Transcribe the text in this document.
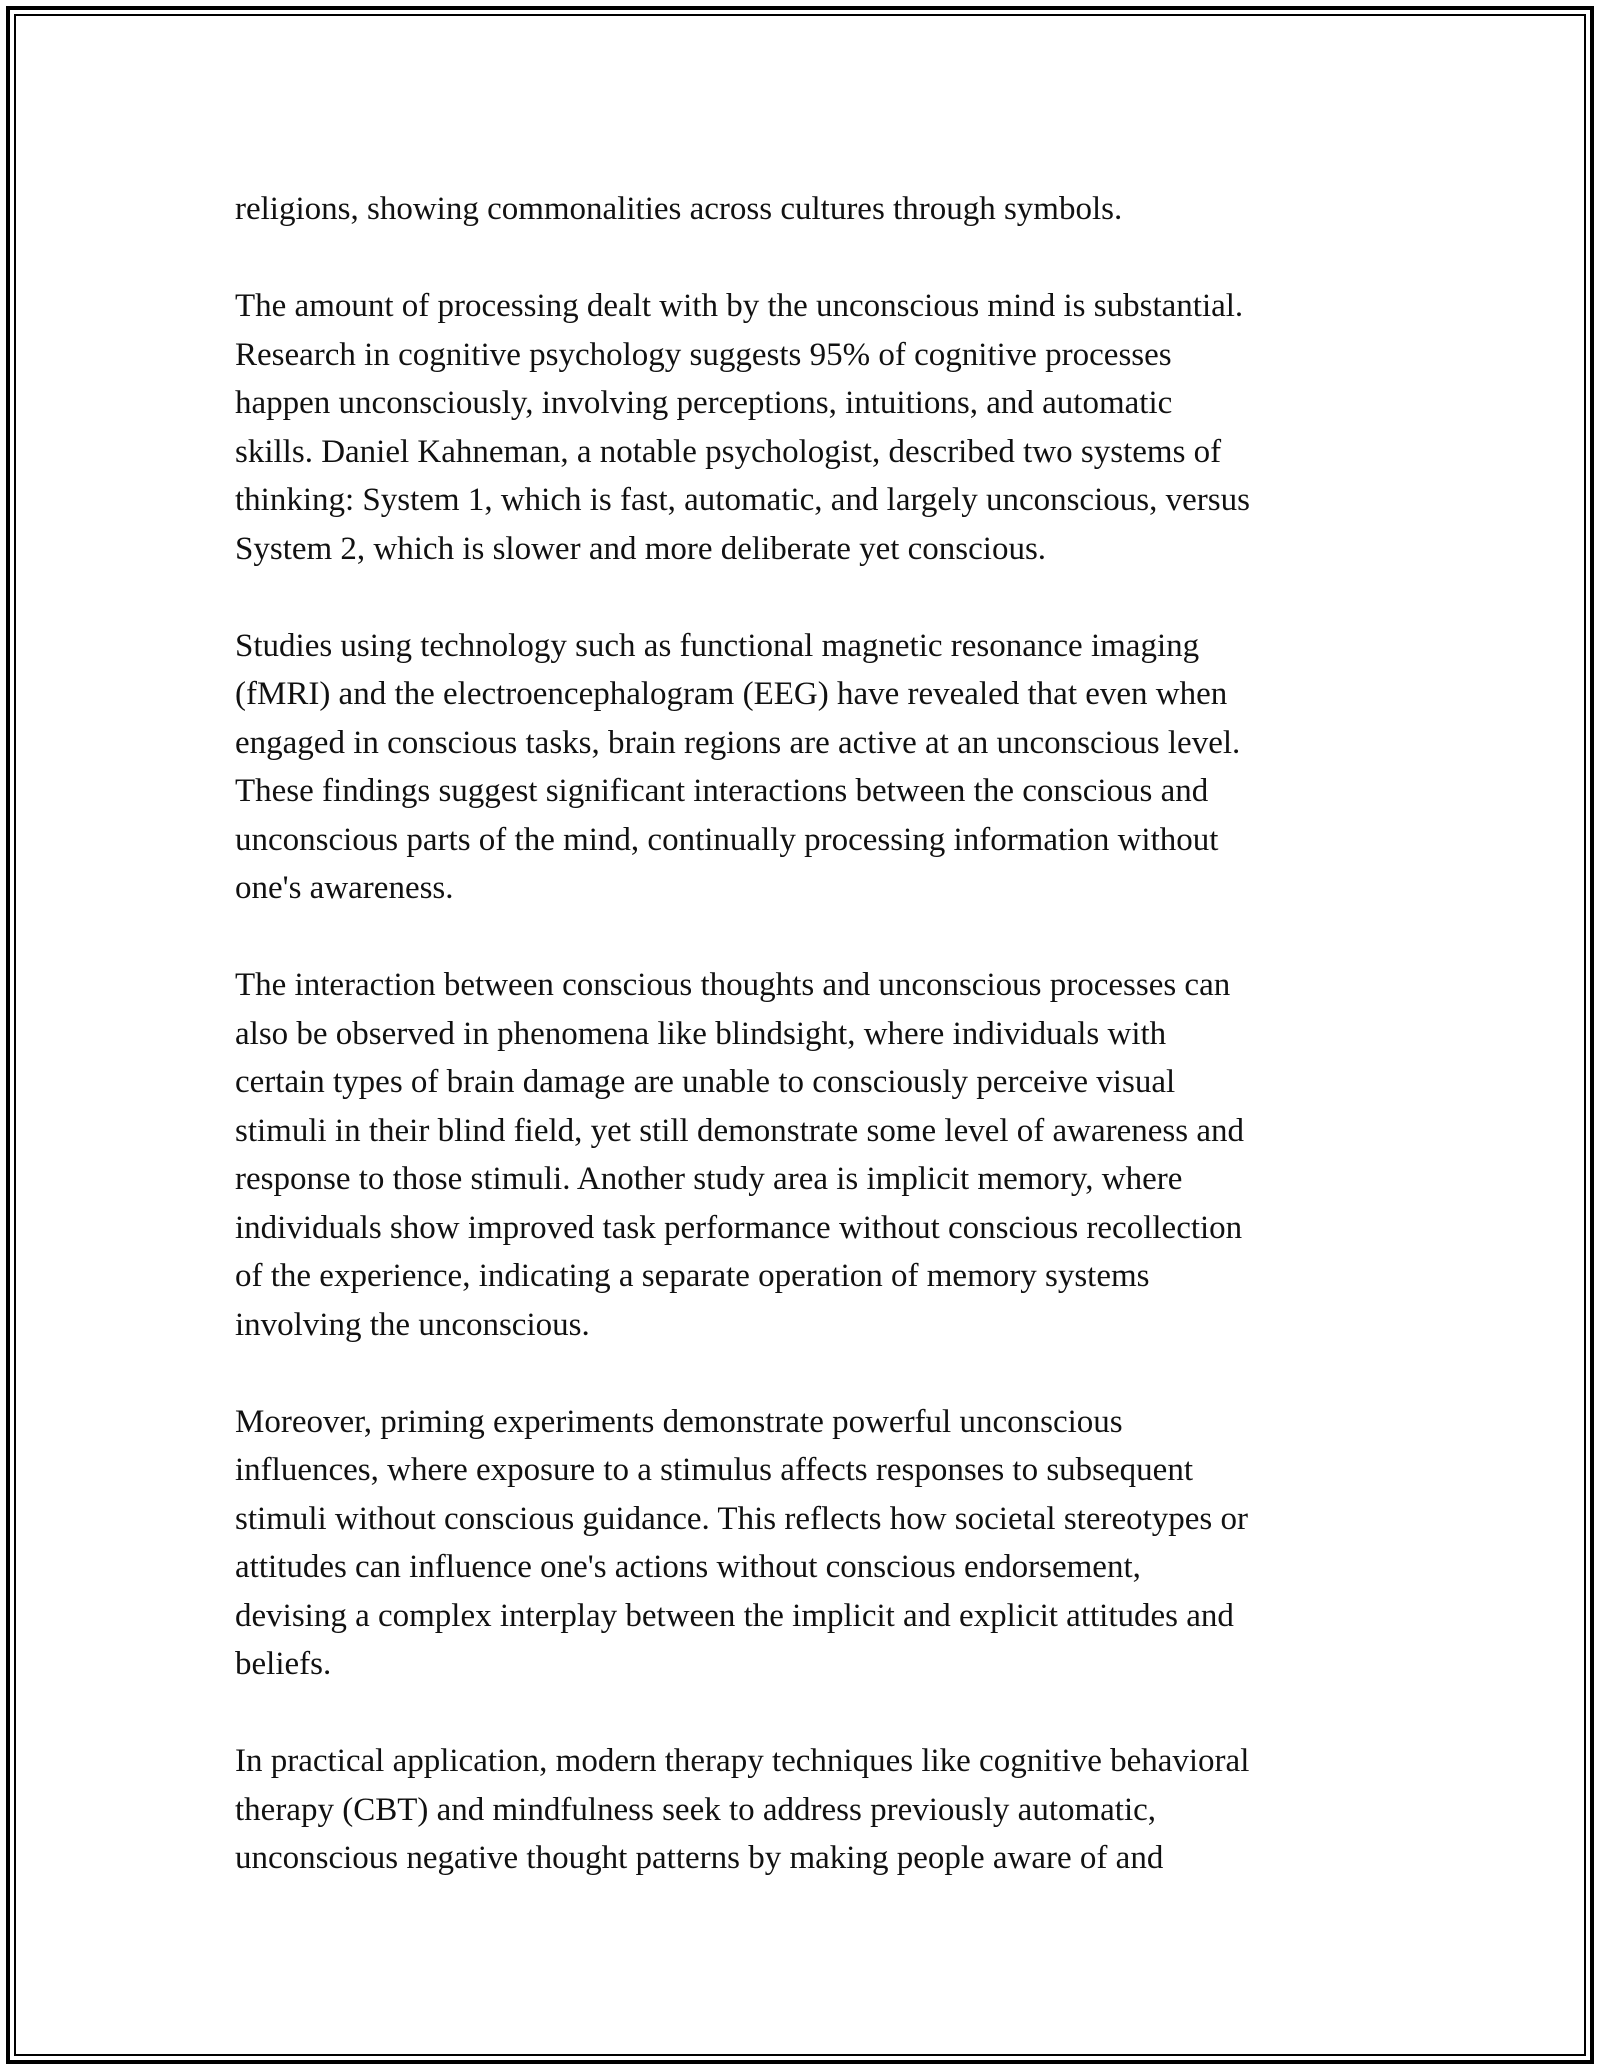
religions, showing commonalities across cultures through symbols.

The amount of processing dealt with by the unconscious mind is substantial.
Research in cognitive psychology suggests 95% of cognitive processes
happen unconsciously, involving perceptions, intuitions, and automatic
skills. Daniel Kahneman, a notable psychologist, described two systems of
thinking: System 1, which is fast, automatic, and largely unconscious, versus
System 2, which is slower and more deliberate yet conscious.

Studies using technology such as functional magnetic resonance imaging
(fMRI) and the electroencephalogram (EEG) have revealed that even when
engaged in conscious tasks, brain regions are active at an unconscious level.
These findings suggest significant interactions between the conscious and
unconscious parts of the mind, continually processing information without
one's awareness.

The interaction between conscious thoughts and unconscious processes can
also be observed in phenomena like blindsight, where individuals with
certain types of brain damage are unable to consciously perceive visual
stimuli in their blind field, yet still demonstrate some level of awareness and
response to those stimuli. Another study area is implicit memory, where
individuals show improved task performance without conscious recollection
of the experience, indicating a separate operation of memory systems
involving the unconscious.

Moreover, priming experiments demonstrate powerful unconscious
influences, where exposure to a stimulus affects responses to subsequent
stimuli without conscious guidance. This reflects how societal stereotypes or
attitudes can influence one's actions without conscious endorsement,
devising a complex interplay between the implicit and explicit attitudes and
beliefs.

In practical application, modern therapy techniques like cognitive behavioral
therapy (CBT) and mindfulness seek to address previously automatic,
unconscious negative thought patterns by making people aware of and
